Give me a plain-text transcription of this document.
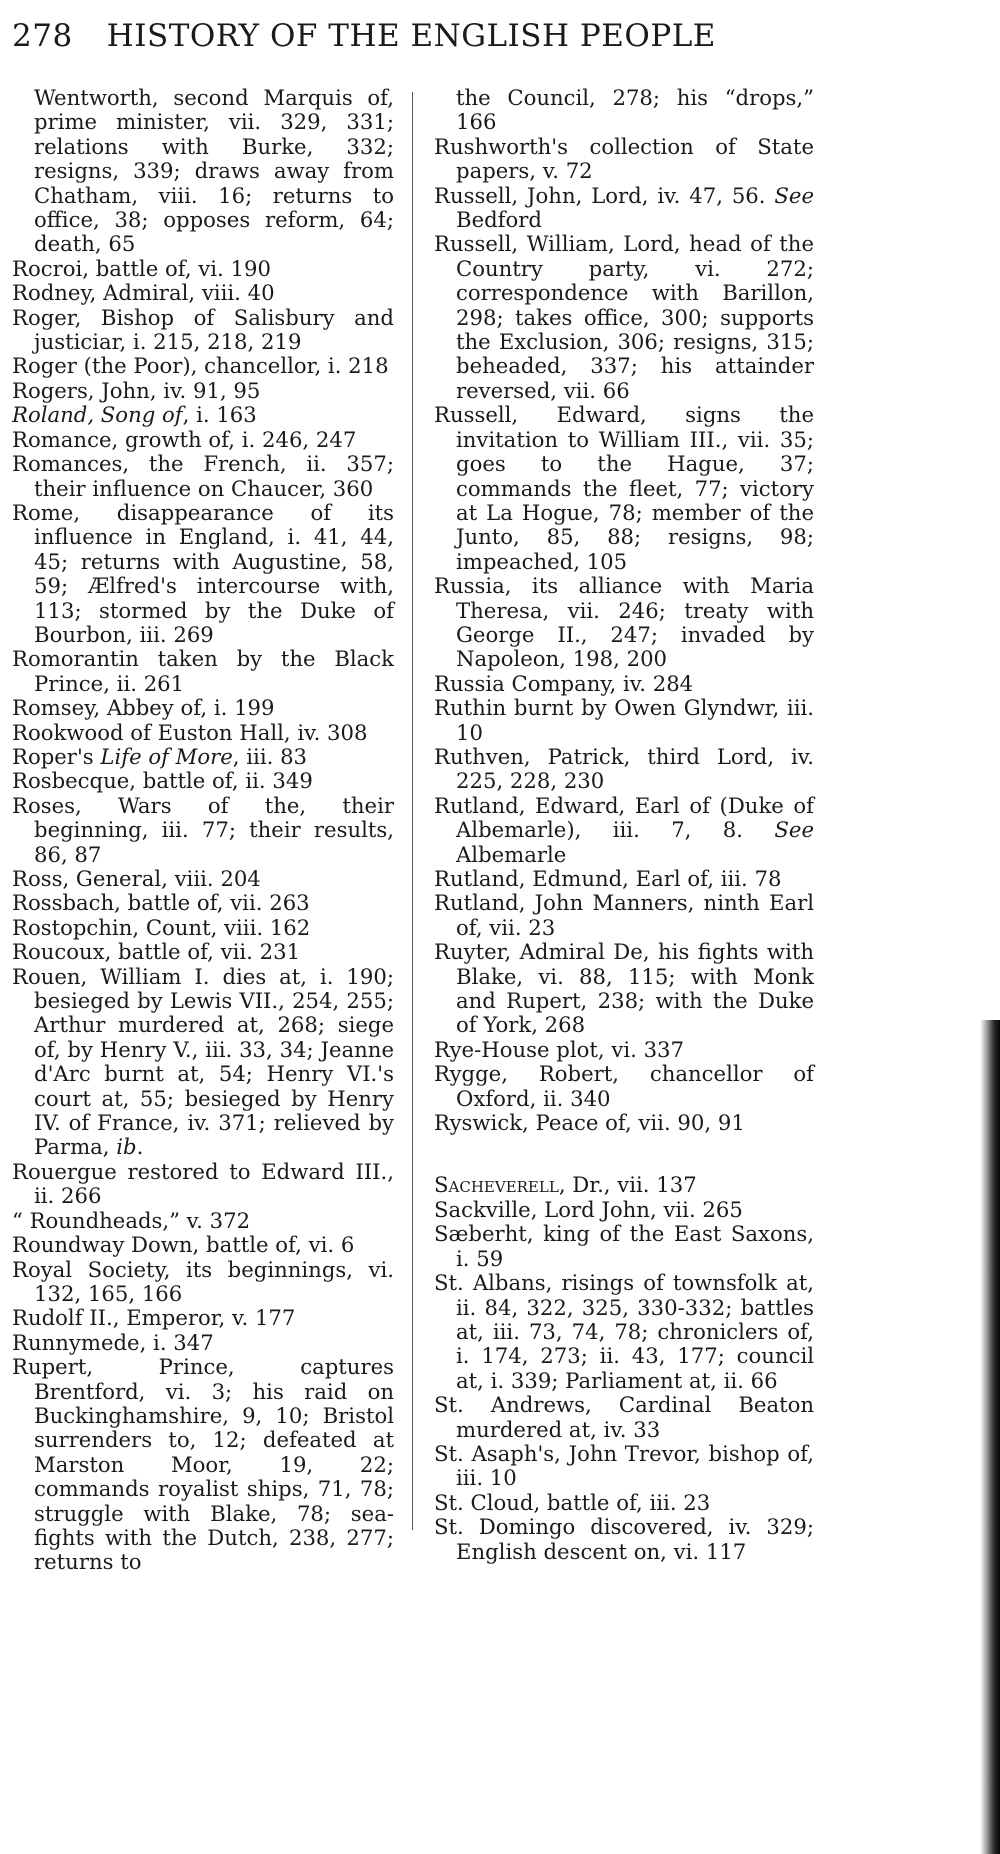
278 HISTORY OF THE ENGLISH PEOPLE

Wentworth, second Marquis of, prime minister, vii. 329, 331; relations with Burke, 332; resigns, 339; draws away from Chatham, viii. 16; returns to office, 38; opposes reform, 64; death, 65

Rocroi, battle of, vi. 190

Rodney, Admiral, viii. 40

Roger, Bishop of Salisbury and justiciar, i. 215, 218, 219

Roger (the Poor), chancellor, i. 218

Rogers, John, iv. 91, 95

Roland, Song of, i. 163

Romance, growth of, i. 246, 247

Romances, the French, ii. 357; their influence on Chaucer, 360

Rome, disappearance of its influence in England, i. 41, 44, 45; returns with Augustine, 58, 59; Ælfred's intercourse with, 113; stormed by the Duke of Bourbon, iii. 269

Romorantin taken by the Black Prince, ii. 261

Romsey, Abbey of, i. 199

Rookwood of Euston Hall, iv. 308

Roper's Life of More, iii. 83

Rosbecque, battle of, ii. 349

Roses, Wars of the, their beginning, iii. 77; their results, 86, 87

Ross, General, viii. 204

Rossbach, battle of, vii. 263

Rostopchin, Count, viii. 162

Roucoux, battle of, vii. 231

Rouen, William I. dies at, i. 190; besieged by Lewis VII., 254, 255; Arthur murdered at, 268; siege of, by Henry V., iii. 33, 34; Jeanne d'Arc burnt at, 54; Henry VI.'s court at, 55; besieged by Henry IV. of France, iv. 371; relieved by Parma, ib.

Rouergue restored to Edward III., ii. 266

“ Roundheads,” v. 372

Roundway Down, battle of, vi. 6

Royal Society, its beginnings, vi. 132, 165, 166

Rudolf II., Emperor, v. 177

Runnymede, i. 347

Rupert, Prince, captures Brentford, vi. 3; his raid on Buckinghamshire, 9, 10; Bristol surrenders to, 12; defeated at Marston Moor, 19, 22; commands royalist ships, 71, 78; struggle with Blake, 78; sea-fights with the Dutch, 238, 277; returns to

the Council, 278; his “drops,” 166

Rushworth's collection of State papers, v. 72

Russell, John, Lord, iv. 47, 56. See Bedford

Russell, William, Lord, head of the Country party, vi. 272; correspondence with Barillon, 298; takes office, 300; supports the Exclusion, 306; resigns, 315; beheaded, 337; his attainder reversed, vii. 66

Russell, Edward, signs the invitation to William III., vii. 35; goes to the Hague, 37; commands the fleet, 77; victory at La Hogue, 78; member of the Junto, 85, 88; resigns, 98; impeached, 105

Russia, its alliance with Maria Theresa, vii. 246; treaty with George II., 247; invaded by Napoleon, 198, 200

Russia Company, iv. 284

Ruthin burnt by Owen Glyndwr, iii. 10

Ruthven, Patrick, third Lord, iv. 225, 228, 230

Rutland, Edward, Earl of (Duke of Albemarle), iii. 7, 8. See Albemarle

Rutland, Edmund, Earl of, iii. 78

Rutland, John Manners, ninth Earl of, vii. 23

Ruyter, Admiral De, his fights with Blake, vi. 88, 115; with Monk and Rupert, 238; with the Duke of York, 268

Rye-House plot, vi. 337

Rygge, Robert, chancellor of Oxford, ii. 340

Ryswick, Peace of, vii. 90, 91

Sacheverell, Dr., vii. 137

Sackville, Lord John, vii. 265

Sæberht, king of the East Saxons, i. 59

St. Albans, risings of townsfolk at, ii. 84, 322, 325, 330-332; battles at, iii. 73, 74, 78; chroniclers of, i. 174, 273; ii. 43, 177; council at, i. 339; Parliament at, ii. 66

St. Andrews, Cardinal Beaton murdered at, iv. 33

St. Asaph's, John Trevor, bishop of, iii. 10

St. Cloud, battle of, iii. 23

St. Domingo discovered, iv. 329; English descent on, vi. 117
